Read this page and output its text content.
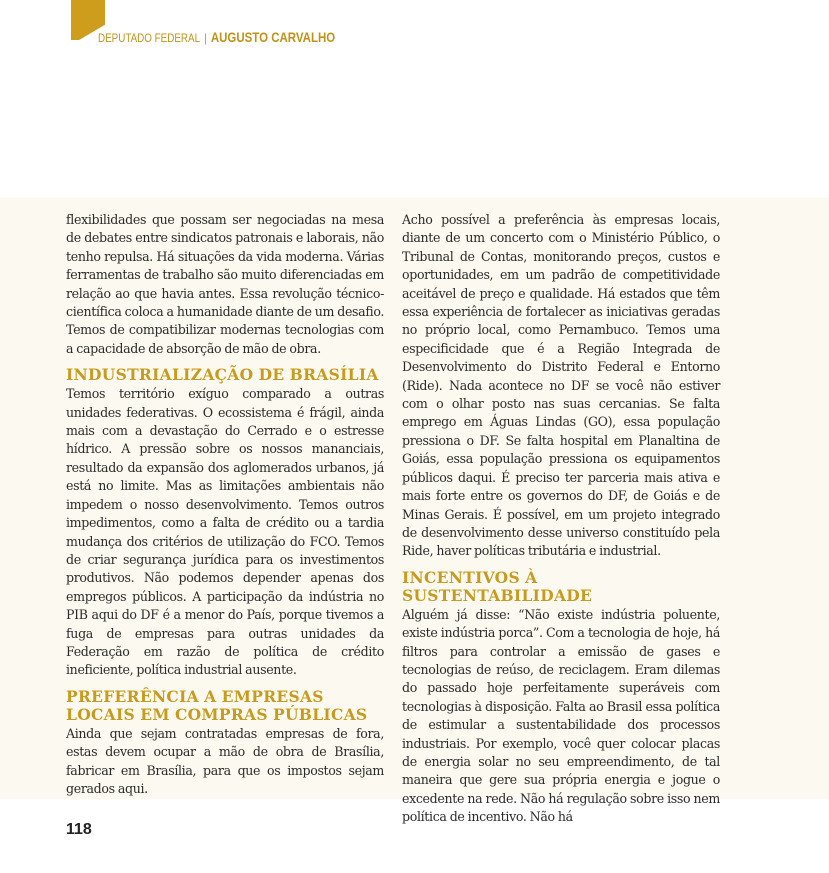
DEPUTADO FEDERAL | AUGUSTO CARVALHO

flexibilidades que possam ser negociadas na mesa de debates entre sindicatos patronais e laborais, não tenho repulsa. Há situações da vida moderna. Várias ferramentas de trabalho são muito diferenciadas em relação ao que havia antes. Essa revolução técnico-científica coloca a humanidade diante de um desafio. Temos de compatibilizar modernas tecnologias com a capacidade de absorção de mão de obra.

INDUSTRIALIZAÇÃO DE BRASÍLIA

Temos território exíguo comparado a outras unidades federativas. O ecossistema é frágil, ainda mais com a devastação do Cerrado e o estresse hídrico. A pressão sobre os nossos mananciais, resultado da expansão dos aglomerados urbanos, já está no limite. Mas as limitações ambientais não impedem o nosso desenvolvimento. Temos outros impedimentos, como a falta de crédito ou a tardia mudança dos critérios de utilização do FCO. Temos de criar segurança jurídica para os investimentos produtivos. Não podemos depender apenas dos empregos públicos. A participação da indústria no PIB aqui do DF é a menor do País, porque tivemos a fuga de empresas para outras unidades da Federação em razão de política de crédito ineficiente, política industrial ausente.

PREFERÊNCIA A EMPRESAS LOCAIS EM COMPRAS PÚBLICAS

Ainda que sejam contratadas empresas de fora, estas devem ocupar a mão de obra de Brasília, fabricar em Brasília, para que os impostos sejam gerados aqui.

Acho possível a preferência às empresas locais, diante de um concerto com o Ministério Público, o Tribunal de Contas, monitorando preços, custos e oportunidades, em um padrão de competitividade aceitável de preço e qualidade. Há estados que têm essa experiência de fortalecer as iniciativas geradas no próprio local, como Pernambuco. Temos uma especificidade que é a Região Integrada de Desenvolvimento do Distrito Federal e Entorno (Ride). Nada acontece no DF se você não estiver com o olhar posto nas suas cercanias. Se falta emprego em Águas Lindas (GO), essa população pressiona o DF. Se falta hospital em Planaltina de Goiás, essa população pressiona os equipamentos públicos daqui. É preciso ter parceria mais ativa e mais forte entre os governos do DF, de Goiás e de Minas Gerais. É possível, em um projeto integrado de desenvolvimento desse universo constituído pela Ride, haver políticas tributária e industrial.

INCENTIVOS À SUSTENTABILIDADE

Alguém já disse: “Não existe indústria poluente, existe indústria porca”. Com a tecnologia de hoje, há filtros para controlar a emissão de gases e tecnologias de reúso, de reciclagem. Eram dilemas do passado hoje perfeitamente superáveis com tecnologias à disposição. Falta ao Brasil essa política de estimular a sustentabilidade dos processos industriais. Por exemplo, você quer colocar placas de energia solar no seu empreendimento, de tal maneira que gere sua própria energia e jogue o excedente na rede. Não há regulação sobre isso nem política de incentivo. Não há

118
